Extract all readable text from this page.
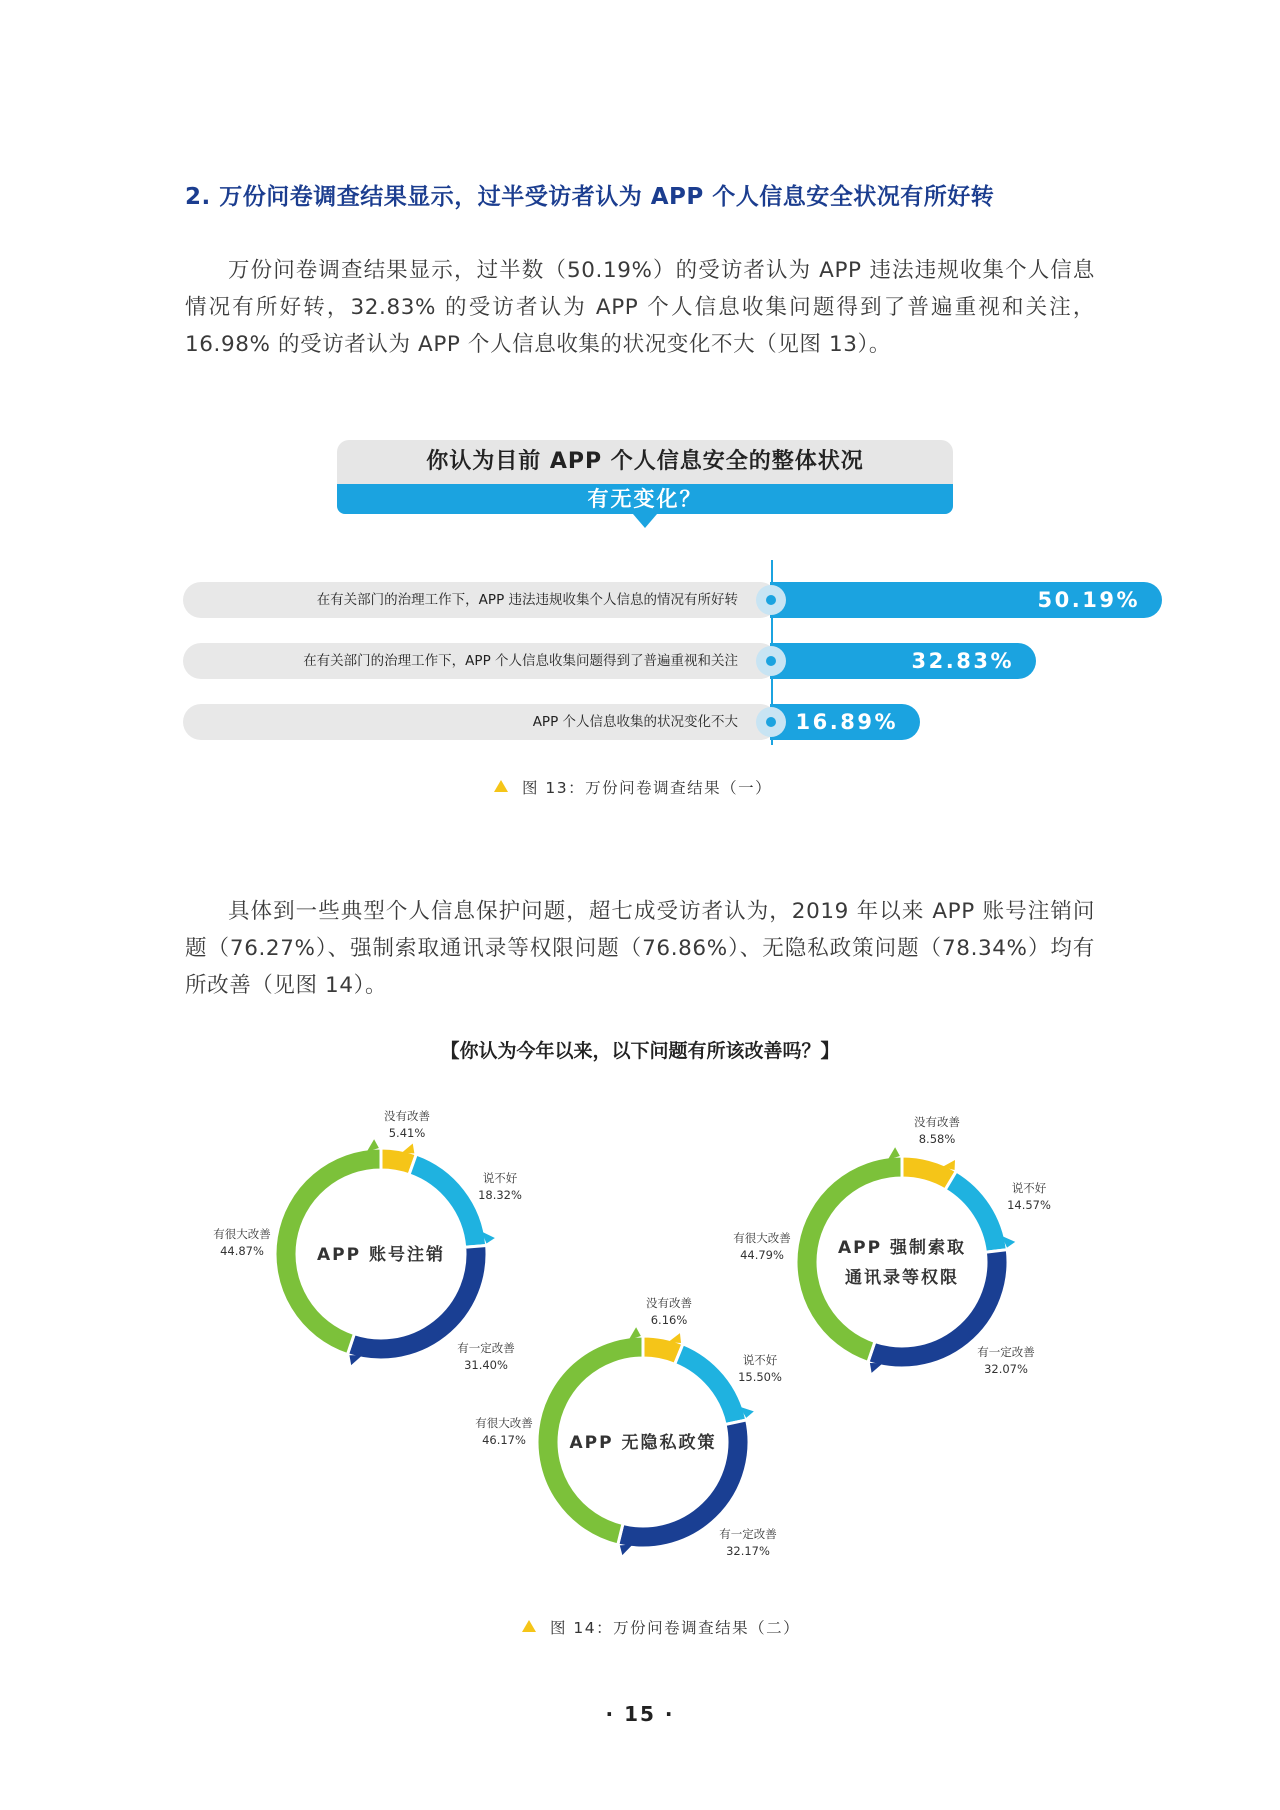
2. 万份问卷调查结果显示，过半受访者认为 APP 个人信息安全状况有所好转
万份问卷调查结果显示，过半数（50.19%）的受访者认为 APP 违法违规收集个人信息情况有所好转，32.83% 的受访者认为 APP 个人信息收集问题得到了普遍重视和关注，16.98% 的受访者认为 APP 个人信息收集的状况变化不大（见图 13）。
你认为目前 APP 个人信息安全的整体状况
有无变化？
在有关部门的治理工作下，APP 违法违规收集个人信息的情况有所好转	50.19%
在有关部门的治理工作下，APP 个人信息收集问题得到了普遍重视和关注	32.83%
APP 个人信息收集的状况变化不大	16.89%
图 13：万份问卷调查结果（一）
具体到一些典型个人信息保护问题，超七成受访者认为，2019 年以来 APP 账号注销问题（76.27%）、强制索取通讯录等权限问题（76.86%）、无隐私政策问题（78.34%）均有所改善（见图 14）。
【你认为今年以来，以下问题有所该改善吗？】
APP 账号注销	APP 强制索取
通讯录等权限
APP 无隐私政策
没有改善
5.41%
说不好
18.32%
有一定改善
31.40%
有很大改善
44.87%
没有改善
8.58%
说不好
14.57%
有一定改善
32.07%
有很大改善
44.79%
没有改善
6.16%
说不好
15.50%
有一定改善
32.17%
有很大改善
46.17%
图 14：万份问卷调查结果（二）
· 15 ·
